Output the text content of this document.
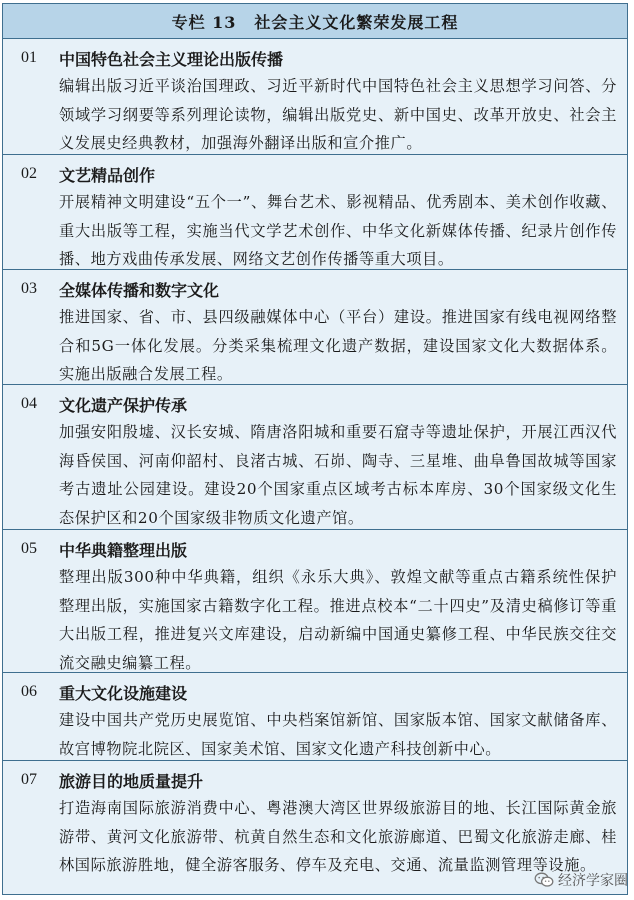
专栏 13 社会主义文化繁荣发展工程
01	中国特色社会主义理论出版传播
编辑出版习近平谈治国理政、习近平新时代中国特色社会主义思想学习问答、分领域学习纲要等系列理论读物，编辑出版党史、新中国史、改革开放史、社会主义发展史经典教材，加强海外翻译出版和宣介推广。
02	文艺精品创作
开展精神文明建设“五个一”、舞台艺术、影视精品、优秀剧本、美术创作收藏、重大出版等工程，实施当代文学艺术创作、中华文化新媒体传播、纪录片创作传播、地方戏曲传承发展、网络文艺创作传播等重大项目。
03	全媒体传播和数字文化
推进国家、省、市、县四级融媒体中心（平台）建设。推进国家有线电视网络整合和5G一体化发展。分类采集梳理文化遗产数据，建设国家文化大数据体系。实施出版融合发展工程。
04	文化遗产保护传承
加强安阳殷墟、汉长安城、隋唐洛阳城和重要石窟寺等遗址保护，开展江西汉代海昏侯国、河南仰韶村、良渚古城、石峁、陶寺、三星堆、曲阜鲁国故城等国家考古遗址公园建设。建设20个国家重点区域考古标本库房、30个国家级文化生态保护区和20个国家级非物质文化遗产馆。
05	中华典籍整理出版
整理出版300种中华典籍，组织《永乐大典》、敦煌文献等重点古籍系统性保护整理出版，实施国家古籍数字化工程。推进点校本“二十四史”及清史稿修订等重大出版工程，推进复兴文库建设，启动新编中国通史纂修工程、中华民族交往交流交融史编纂工程。
06	重大文化设施建设
建设中国共产党历史展览馆、中央档案馆新馆、国家版本馆、国家文献储备库、故宫博物院北院区、国家美术馆、国家文化遗产科技创新中心。
07	旅游目的地质量提升
打造海南国际旅游消费中心、粤港澳大湾区世界级旅游目的地、长江国际黄金旅游带、黄河文化旅游带、杭黄自然生态和文化旅游廊道、巴蜀文化旅游走廊、桂林国际旅游胜地，健全游客服务、停车及充电、交通、流量监测管理等设施。
经济学家圈
